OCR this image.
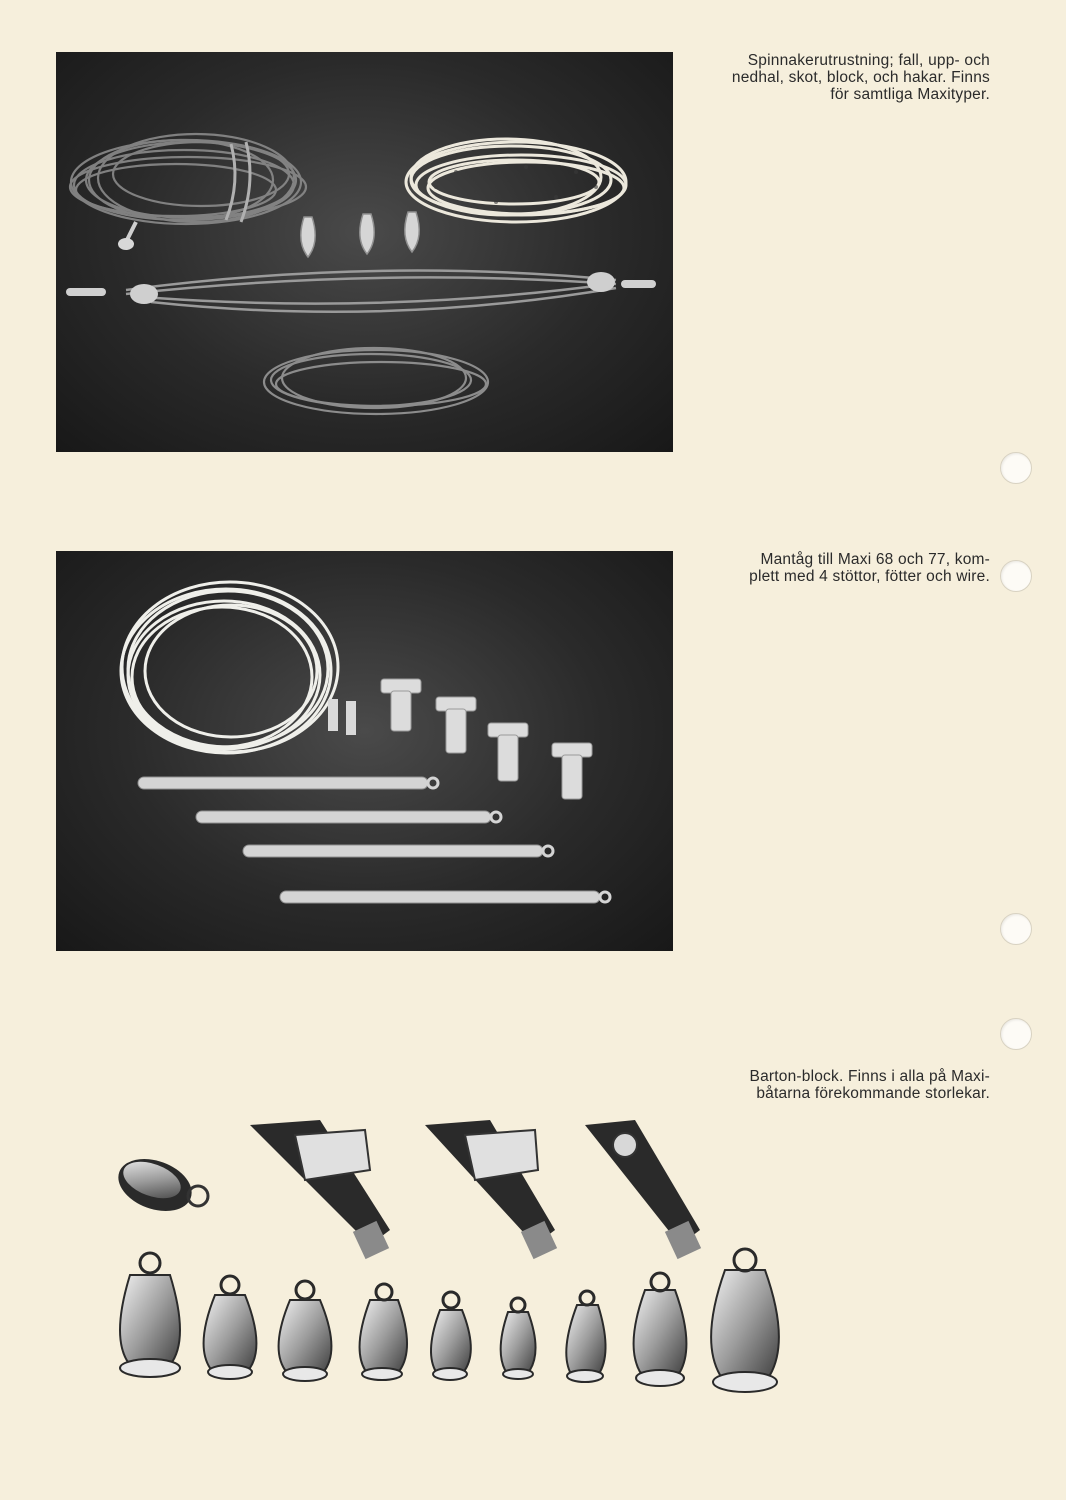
Spinnakerutrustning; fall, upp- och
nedhal, skot, block, och hakar. Finns
för samtliga Maxityper.
Mantåg till Maxi 68 och 77, kom-
plett med 4 stöttor, fötter och wire.
Barton-block. Finns i alla på Maxi-
båtarna förekommande storlekar.
